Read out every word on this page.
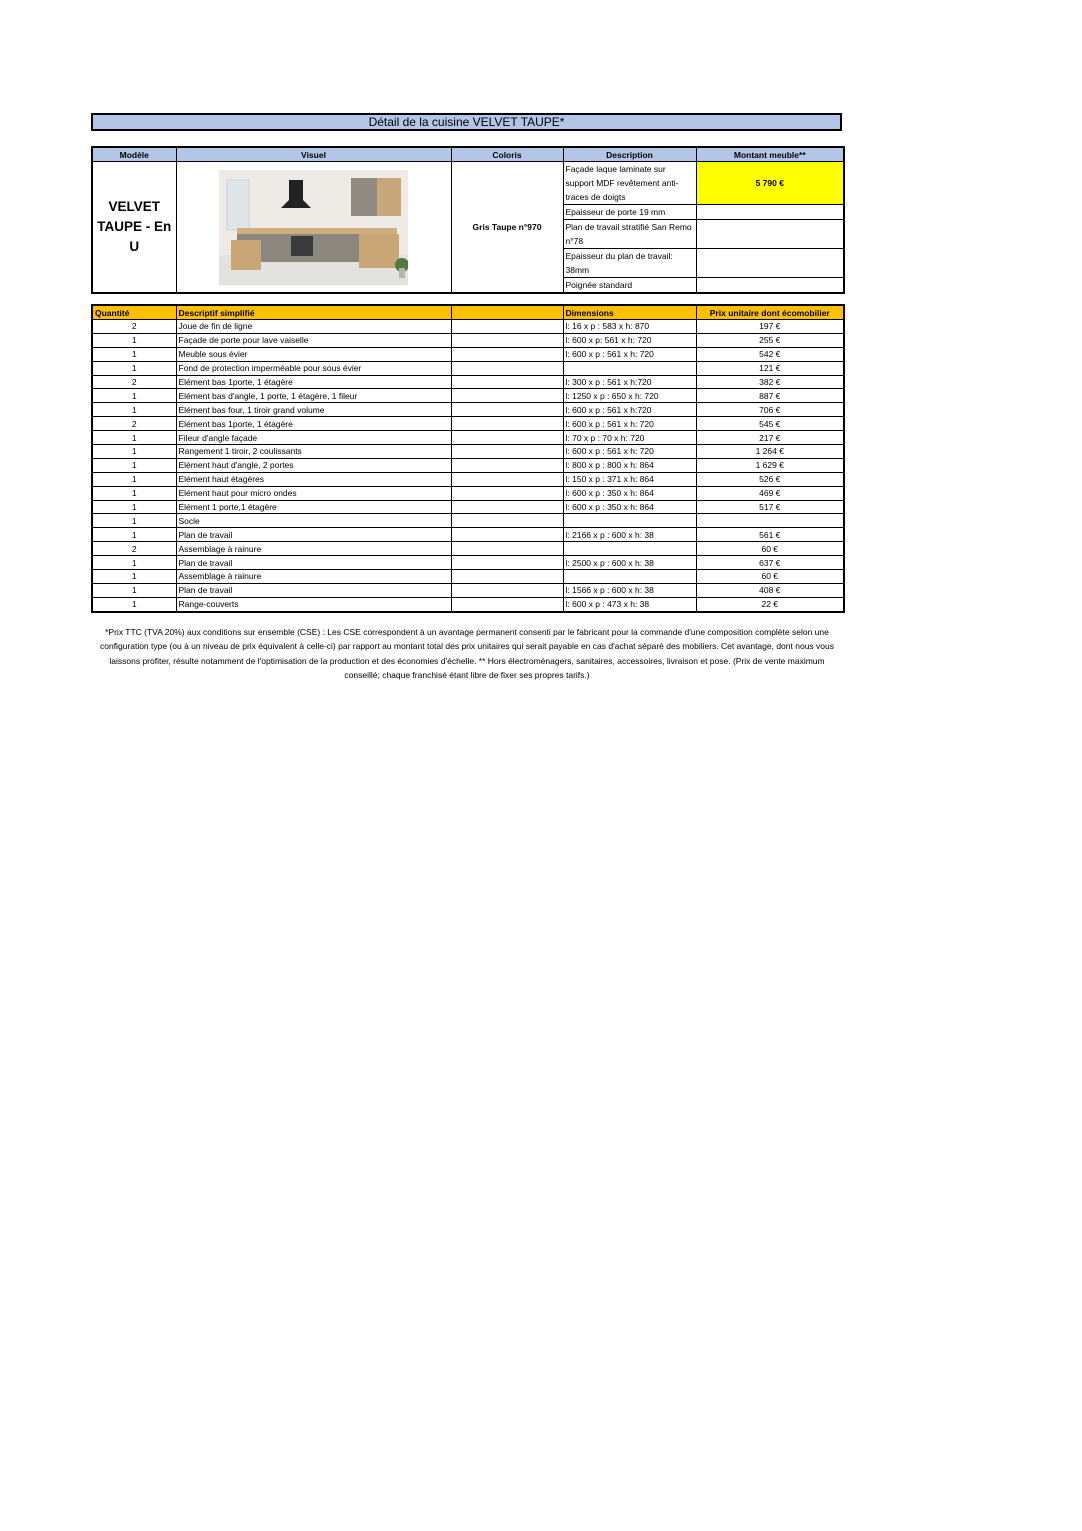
Détail de la cuisine VELVET TAUPE*
Modèle	Visuel	Coloris	Description	Montant meuble**
VELVET TAUPE - En U		Gris Taupe n°970	Façade laque laminate sur support MDF revêtement anti-traces de doigts	5 790 €
			Epaisseur de porte 19 mm	
			Plan de travail stratifié San Remo n°78	
			Epaisseur du plan de travail: 38mm	
			Poignée standard	
Quantité	Descriptif simplifié		Dimensions	Prix unitaire dont écomobilier
2	Joue de fin de ligne		l: 16 x p : 583 x h: 870	197 €
1	Façade de porte pour lave vaiselle		l: 600 x p: 561 x h: 720	255 €
1	Meuble sous évier		l: 600 x p : 561 x h: 720	542 €
1	Fond de protection imperméable pour sous évier			121 €
2	Elément bas 1porte, 1 étagère		l: 300 x p : 561 x h:720	382 €
1	Elément bas d'angle, 1 porte, 1 étagère, 1 fileur		l: 1250 x p : 650 x h: 720	887 €
1	Elément bas four, 1 tiroir grand volume		l: 600 x p : 561 x h:720	706 €
2	Elément bas 1porte, 1 étagère		l: 600 x p : 561 x h: 720	545 €
1	Fileur d'angle façade		l: 70 x p : 70 x h: 720	217 €
1	Rangement 1 tiroir, 2 coulissants		l: 600 x p : 561 x h: 720	1 264 €
1	Elément haut d'angle, 2 portes		l: 800 x p : 800 x h: 864	1 629 €
1	Elément haut étagères		l: 150 x p : 371 x h: 864	526 €
1	Elément haut pour micro ondes		l: 600 x p : 350 x h: 864	469 €
1	Elément 1 porte,1 étagère		l: 600 x p : 350 x h: 864	517 €
1	Socle			
1	Plan de travail		l: 2166 x p : 600 x h: 38	561 €
2	Assemblage à rainure			60 €
1	Plan de travail		l: 2500 x p : 600 x h: 38	637 €
1	Assemblage à rainure			60 €
1	Plan de travail		l: 1566 x p : 600 x h: 38	408 €
1	Range-couverts		l: 600 x p : 473 x h: 38	22 €
*Prix TTC (TVA 20%) aux conditions sur ensemble (CSE) : Les CSE correspondent à un avantage permanent consenti par le fabricant pour la commande d'une composition complète selon une configuration type (ou à un niveau de prix équivalent à celle-ci) par rapport au montant total des prix unitaires qui serait payable en cas d'achat séparé des mobiliers. Cet avantage, dont nous vous laissons profiter, résulte notamment de l'optimisation de la production et des économies d'échelle. ** Hors électroménagers, sanitaires, accessoires, livraison et pose. (Prix de vente maximum conseillé; chaque franchisé étant libre de fixer ses propres tarifs.)
